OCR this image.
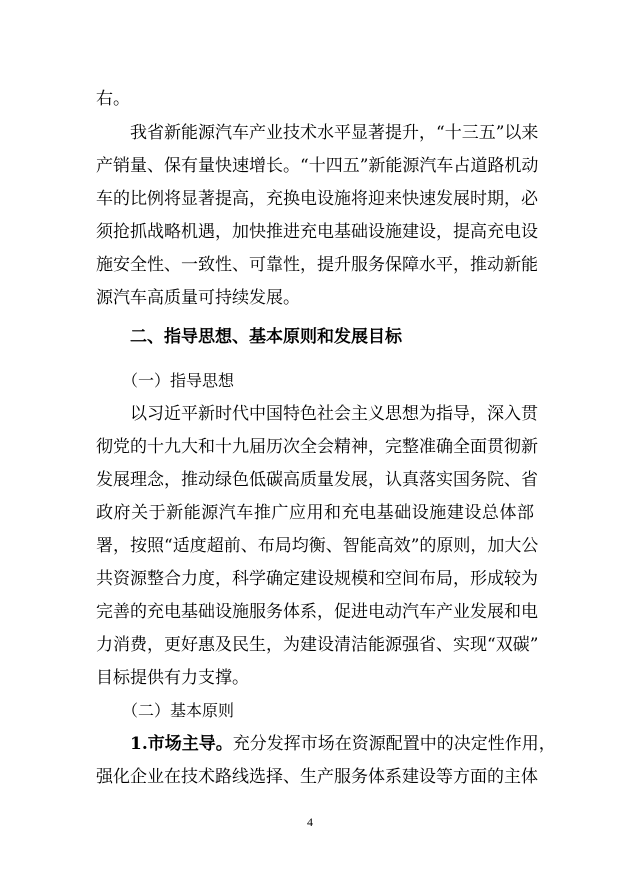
右。
我省新能源汽车产业技术水平显著提升，“十三五”以来
产销量、保有量快速增长。“十四五”新能源汽车占道路机动
车的比例将显著提高，充换电设施将迎来快速发展时期，必
须抢抓战略机遇，加快推进充电基础设施建设，提高充电设
施安全性、一致性、可靠性，提升服务保障水平，推动新能
源汽车高质量可持续发展。
二、指导思想、基本原则和发展目标
（一）指导思想
以习近平新时代中国特色社会主义思想为指导，深入贯
彻党的十九大和十九届历次全会精神，完整准确全面贯彻新
发展理念，推动绿色低碳高质量发展，认真落实国务院、省
政府关于新能源汽车推广应用和充电基础设施建设总体部
署，按照“适度超前、布局均衡、智能高效”的原则，加大公
共资源整合力度，科学确定建设规模和空间布局，形成较为
完善的充电基础设施服务体系，促进电动汽车产业发展和电
力消费，更好惠及民生，为建设清洁能源强省、实现“双碳”
目标提供有力支撑。
（二）基本原则
1.市场主导。充分发挥市场在资源配置中的决定性作用，
强化企业在技术路线选择、生产服务体系建设等方面的主体
4
